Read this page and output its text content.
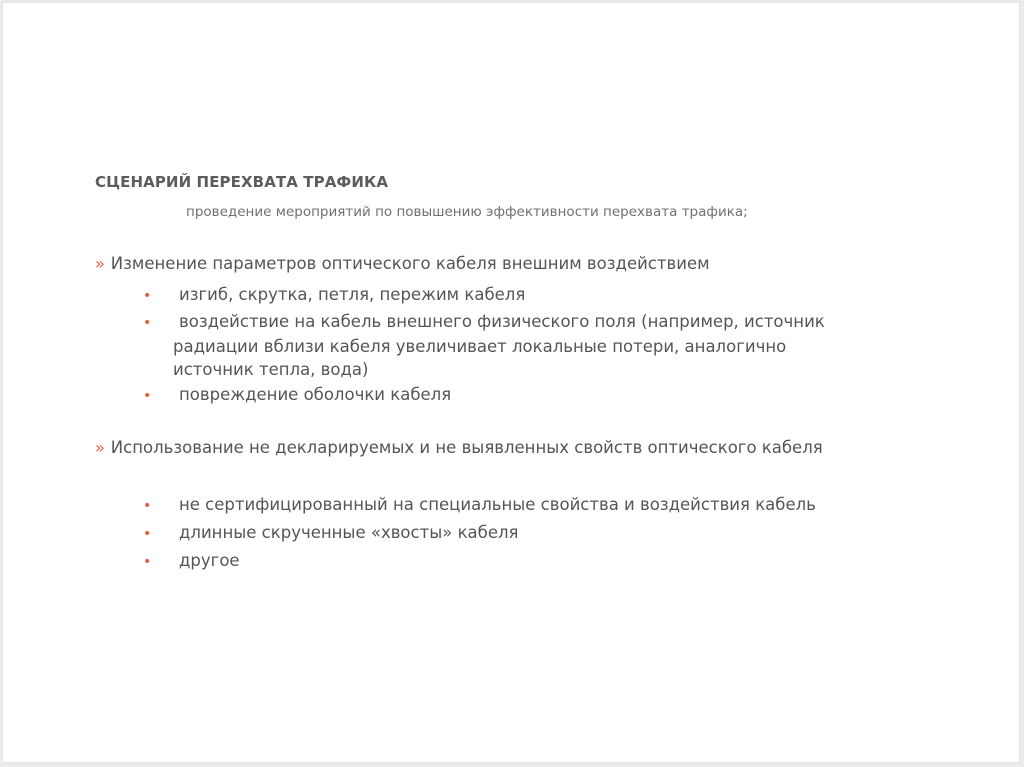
СЦЕНАРИЙ ПЕРЕХВАТА ТРАФИКА
проведение мероприятий по повышению эффективности перехвата трафика;
» Изменение параметров оптического кабеля внешним воздействием
• изгиб, скрутка, петля, пережим кабеля
• воздействие на кабель внешнего физического поля (например, источник
радиации вблизи кабеля увеличивает локальные потери, аналогично
источник тепла, вода)
• повреждение оболочки кабеля
» Использование не декларируемых и не выявленных свойств оптического кабеля
• не сертифицированный на специальные свойства и воздействия кабель
• длинные скрученные «хвосты» кабеля
• другое
